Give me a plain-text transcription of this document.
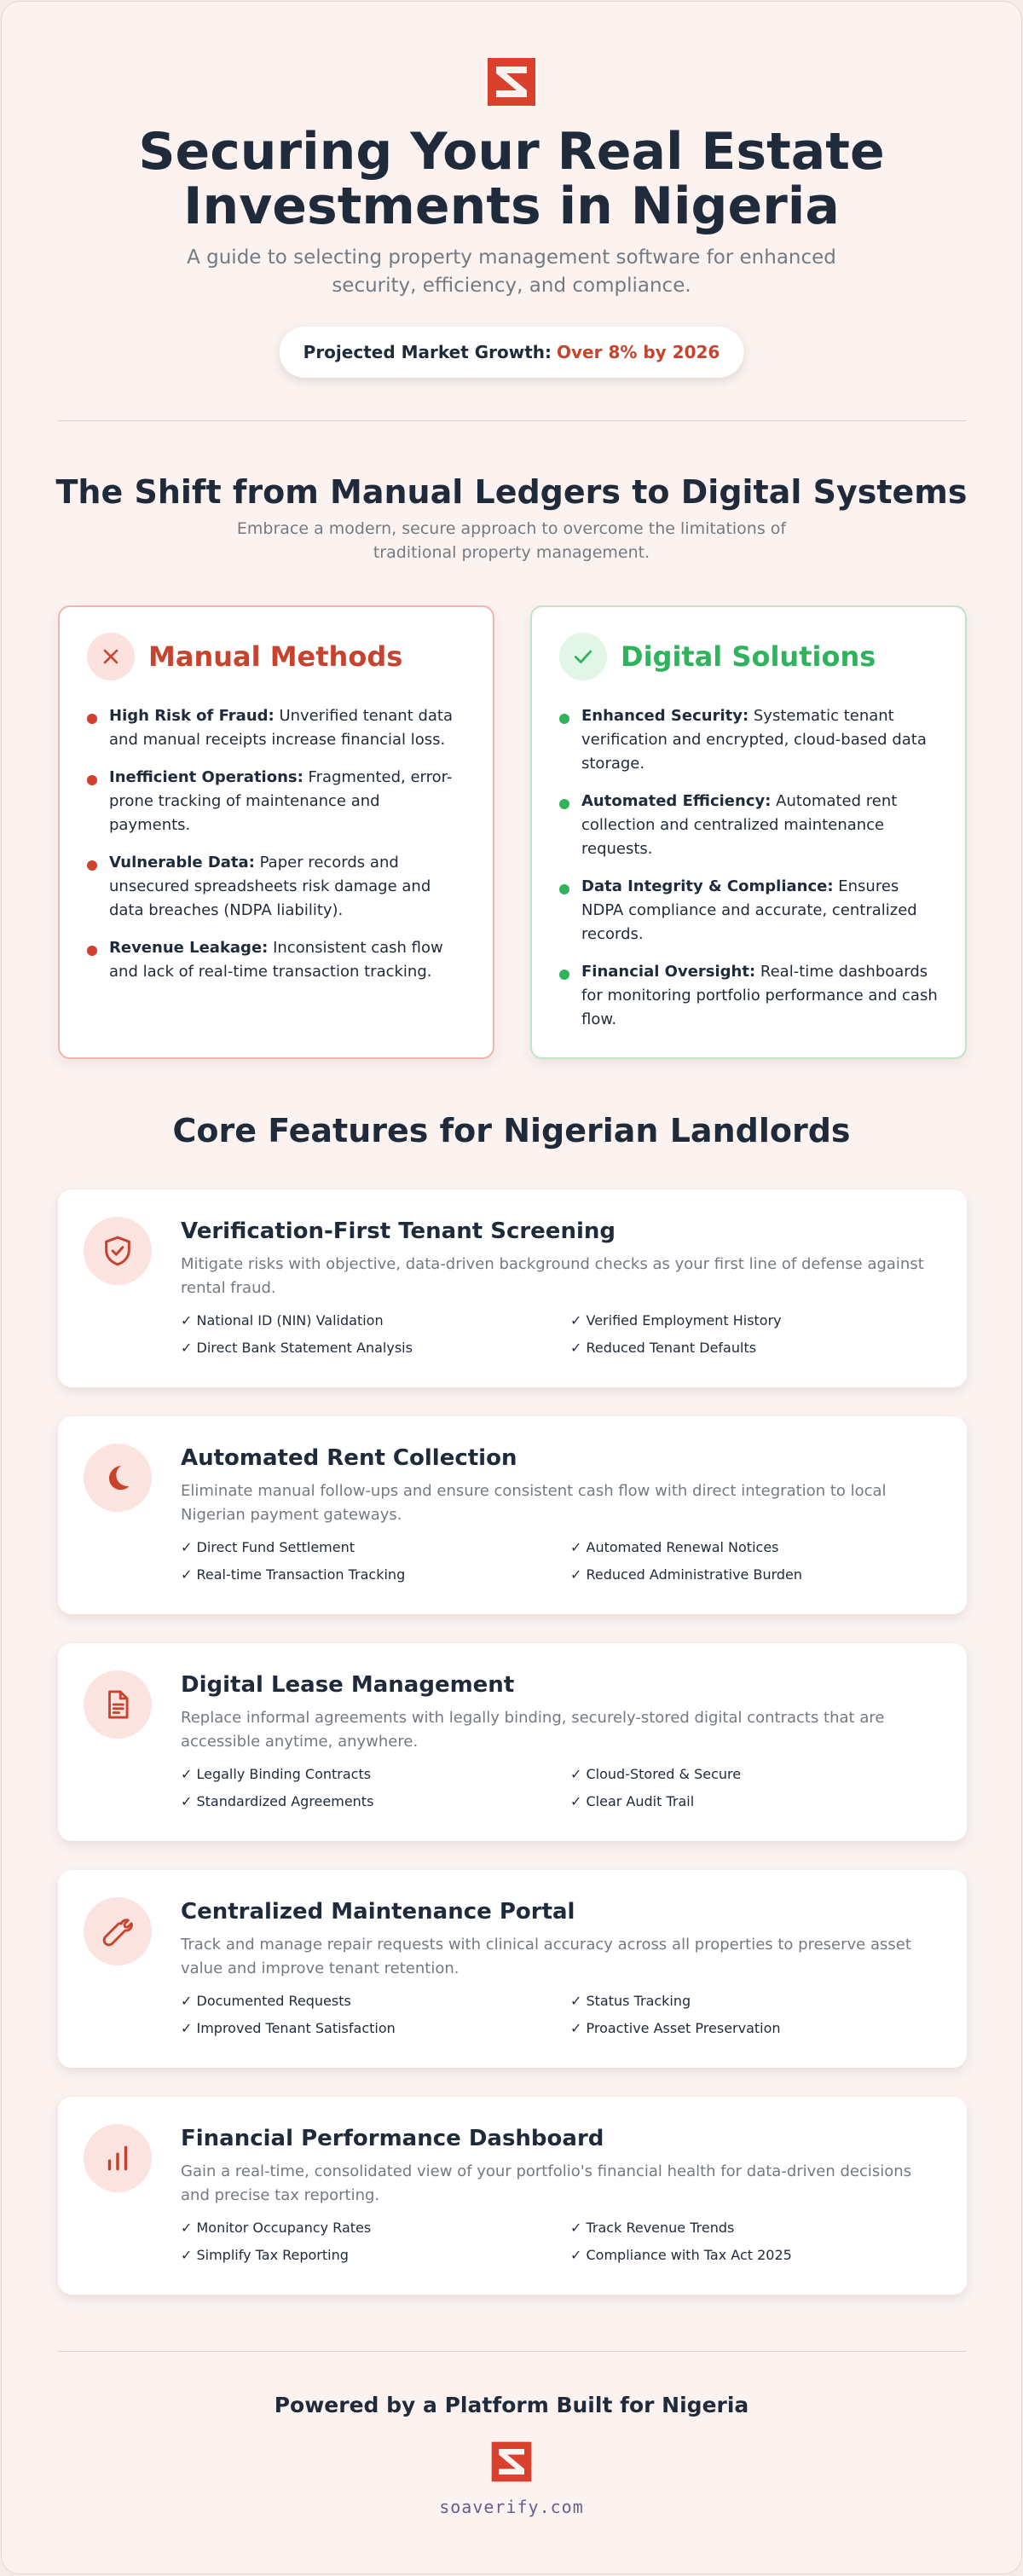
Securing Your Real Estate
Investments in Nigeria
A guide to selecting property management software for enhanced
security, efficiency, and compliance.
Projected Market Growth: Over 8% by 2026
The Shift from Manual Ledgers to Digital Systems
Embrace a modern, secure approach to overcome the limitations of
traditional property management.
Manual Methods
High Risk of Fraud: Unverified tenant data and manual receipts increase financial loss.
Inefficient Operations: Fragmented, error-prone tracking of maintenance and payments.
Vulnerable Data: Paper records and unsecured spreadsheets risk damage and data breaches (NDPA liability).
Revenue Leakage: Inconsistent cash flow and lack of real-time transaction tracking.
Digital Solutions
Enhanced Security: Systematic tenant verification and encrypted, cloud-based data storage.
Automated Efficiency: Automated rent collection and centralized maintenance requests.
Data Integrity & Compliance: Ensures NDPA compliance and accurate, centralized records.
Financial Oversight: Real-time dashboards for monitoring portfolio performance and cash flow.
Core Features for Nigerian Landlords
Verification-First Tenant Screening
Mitigate risks with objective, data-driven background checks as your first line of defense against rental fraud.
✓ National ID (NIN) Validation	✓ Verified Employment History
✓ Direct Bank Statement Analysis	✓ Reduced Tenant Defaults
Automated Rent Collection
Eliminate manual follow-ups and ensure consistent cash flow with direct integration to local Nigerian payment gateways.
✓ Direct Fund Settlement	✓ Automated Renewal Notices
✓ Real-time Transaction Tracking	✓ Reduced Administrative Burden
Digital Lease Management
Replace informal agreements with legally binding, securely-stored digital contracts that are accessible anytime, anywhere.
✓ Legally Binding Contracts	✓ Cloud-Stored & Secure
✓ Standardized Agreements	✓ Clear Audit Trail
Centralized Maintenance Portal
Track and manage repair requests with clinical accuracy across all properties to preserve asset value and improve tenant retention.
✓ Documented Requests	✓ Status Tracking
✓ Improved Tenant Satisfaction	✓ Proactive Asset Preservation
Financial Performance Dashboard
Gain a real-time, consolidated view of your portfolio's financial health for data-driven decisions and precise tax reporting.
✓ Monitor Occupancy Rates	✓ Track Revenue Trends
✓ Simplify Tax Reporting	✓ Compliance with Tax Act 2025
Powered by a Platform Built for Nigeria
soaverify.com
